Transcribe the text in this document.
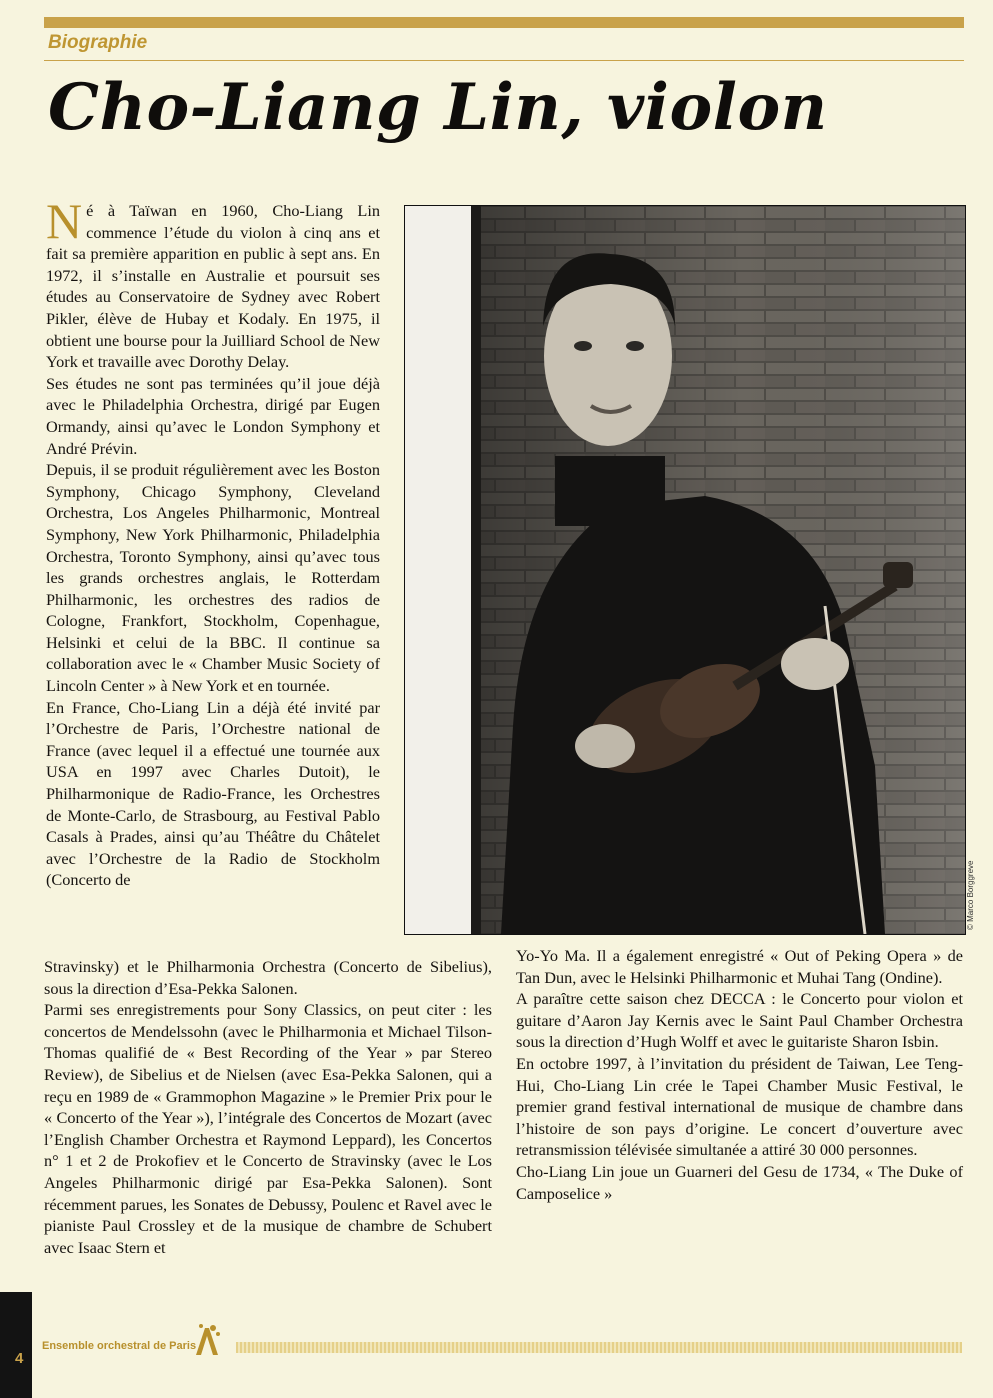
Biographie
Cho-Liang Lin, violon

Né à Taïwan en 1960, Cho-Liang Lin commence l’étude du violon à cinq ans et fait sa première apparition en public à sept ans. En 1972, il s’installe en Australie et poursuit ses études au Conservatoire de Sydney avec Robert Pikler, élève de Hubay et Kodaly. En 1975, il obtient une bourse pour la Juilliard School de New York et travaille avec Dorothy Delay.

Ses études ne sont pas terminées qu’il joue déjà avec le Philadelphia Orchestra, dirigé par Eugen Ormandy, ainsi qu’avec le London Symphony et André Prévin.

Depuis, il se produit régulièrement avec les Boston Symphony, Chicago Symphony, Cleveland Orchestra, Los Angeles Philharmonic, Montreal Symphony, New York Philharmonic, Philadelphia Orchestra, Toronto Symphony, ainsi qu’avec tous les grands orchestres anglais, le Rotterdam Philharmonic, les orchestres des radios de Cologne, Frankfort, Stockholm, Copenhague, Helsinki et celui de la BBC. Il continue sa collaboration avec le « Chamber Music Society of Lincoln Center » à New York et en tournée.

En France, Cho-Liang Lin a déjà été invité par l’Orchestre de Paris, l’Orchestre national de France (avec lequel il a effectué une tournée aux USA en 1997 avec Charles Dutoit), le Philharmonique de Radio-France, les Orchestres de Monte-Carlo, de Strasbourg, au Festival Pablo Casals à Prades, ainsi qu’au Théâtre du Châtelet avec l’Orchestre de la Radio de Stockholm (Concerto de	© Marco Borggreve

Stravinsky) et le Philharmonia Orchestra (Concerto de Sibelius), sous la direction d’Esa-Pekka Salonen.

Parmi ses enregistrements pour Sony Classics, on peut citer : les concertos de Mendelssohn (avec le Philharmonia et Michael Tilson-Thomas qualifié de « Best Recording of the Year » par Stereo Review), de Sibelius et de Nielsen (avec Esa-Pekka Salonen, qui a reçu en 1989 de « Grammophon Magazine » le Premier Prix pour le « Concerto of the Year »), l’intégrale des Concertos de Mozart (avec l’English Chamber Orchestra et Raymond Leppard), les Concertos n° 1 et 2 de Prokofiev et le Concerto de Stravinsky (avec le Los Angeles Philharmonic dirigé par Esa-Pekka Salonen). Sont récemment parues, les Sonates de Debussy, Poulenc et Ravel avec le pianiste Paul Crossley et de la musique de chambre de Schubert avec Isaac Stern et

Yo-Yo Ma. Il a également enregistré « Out of Peking Opera » de Tan Dun, avec le Helsinki Philharmonic et Muhai Tang (Ondine).

A paraître cette saison chez DECCA : le Concerto pour violon et guitare d’Aaron Jay Kernis avec le Saint Paul Chamber Orchestra sous la direction d’Hugh Wolff et avec le guitariste Sharon Isbin.

En octobre 1997, à l’invitation du président de Taiwan, Lee Teng-Hui, Cho-Liang Lin crée le Tapei Chamber Music Festival, le premier grand festival international de musique de chambre dans l’histoire de son pays d’origine. Le concert d’ouverture avec retransmission télévisée simultanée a attiré 30 000 personnes.

Cho-Liang Lin joue un Guarneri del Gesu de 1734, « The Duke of Camposelice »

4
Ensemble orchestral de Paris
